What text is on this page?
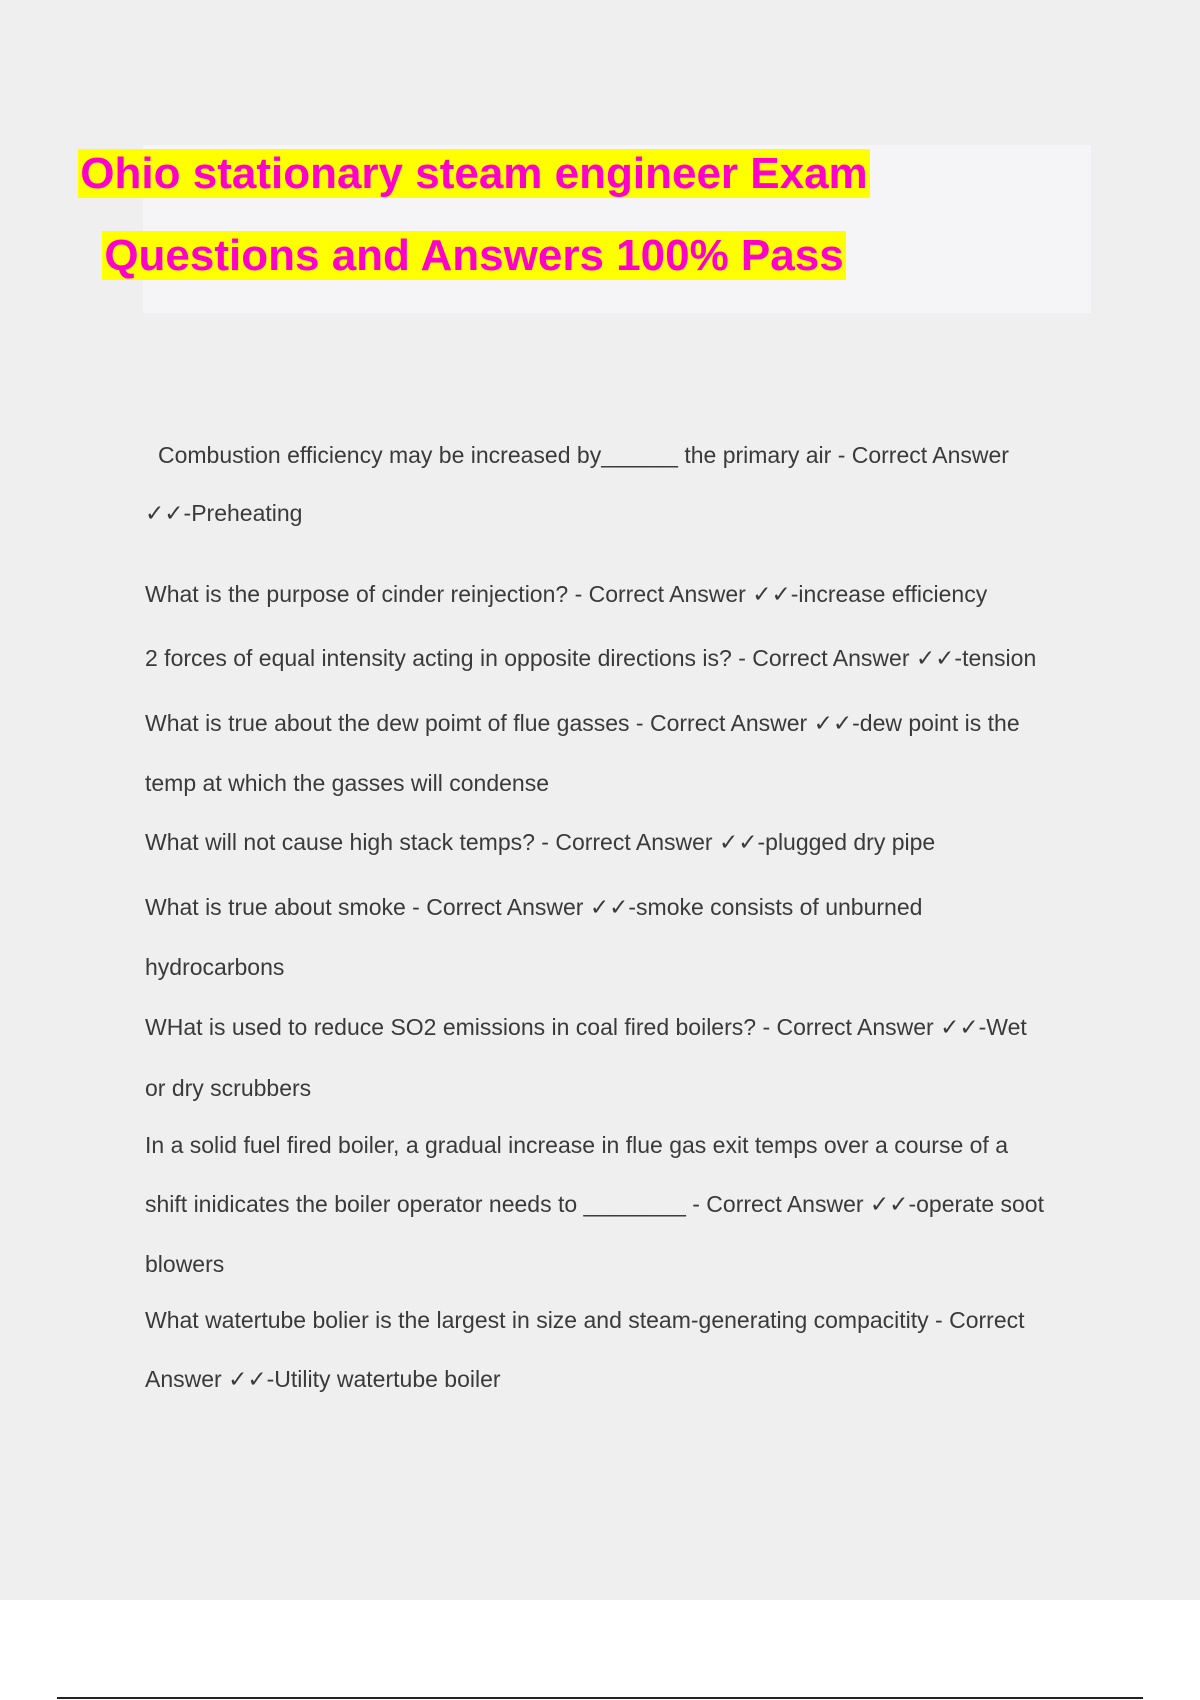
Ohio stationary steam engineer Exam
Questions and Answers 100% Pass
Combustion efficiency may be increased by______ the primary air - Correct Answer
✓✓-Preheating
What is the purpose of cinder reinjection? - Correct Answer ✓✓-increase efficiency
2 forces of equal intensity acting in opposite directions is? - Correct Answer ✓✓-tension
What is true about the dew poimt of flue gasses - Correct Answer ✓✓-dew point is the
temp at which the gasses will condense
What will not cause high stack temps? - Correct Answer ✓✓-plugged dry pipe
What is true about smoke - Correct Answer ✓✓-smoke consists of unburned
hydrocarbons
WHat is used to reduce SO2 emissions in coal fired boilers? - Correct Answer ✓✓-Wet
or dry scrubbers
In a solid fuel fired boiler, a gradual increase in flue gas exit temps over a course of a
shift inidicates the boiler operator needs to ________ - Correct Answer ✓✓-operate soot
blowers
What watertube bolier is the largest in size and steam-generating compacitity - Correct
Answer ✓✓-Utility watertube boiler
